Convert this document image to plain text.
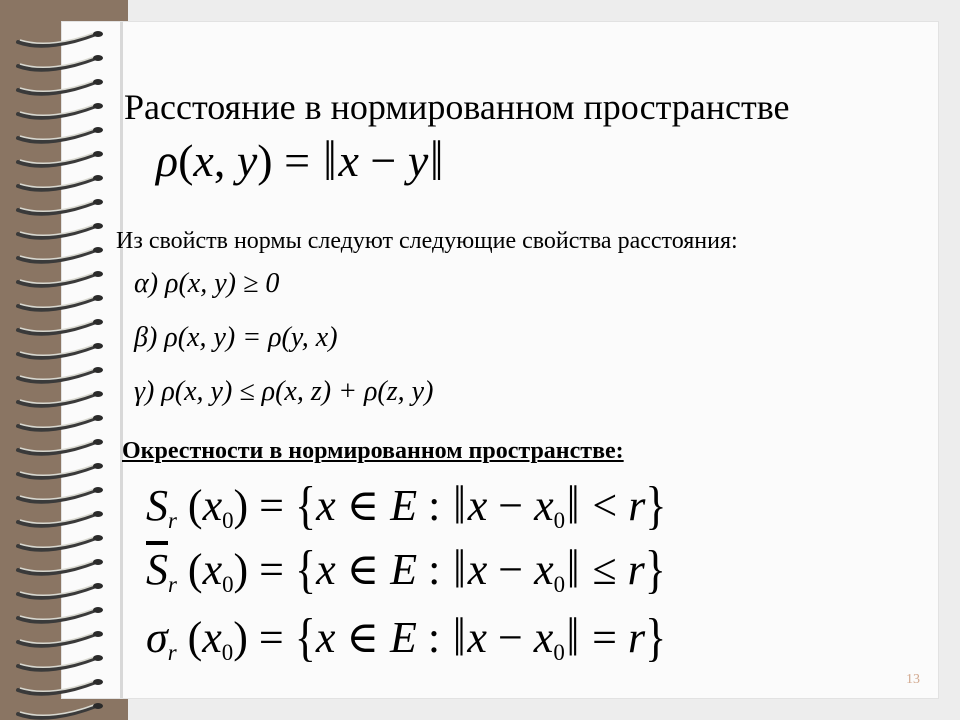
Расстояние в нормированном пространстве
ρ(x, y) = ‖x − y‖
Из свойств нормы следуют следующие свойства расстояния:
α) ρ(x, y) ≥ 0
β) ρ(x, y) = ρ(y, x)
γ) ρ(x, y) ≤ ρ(x, z) + ρ(z, y)
Окрестности в нормированном пространстве:
$S_r$ (x0) = {x ∈ E : ‖x − x0‖ < r}
$\overline{S}_r$ (x0) = {x ∈ E : ‖x − x0‖ ≤ r}
$\sigma_r$ (x0) = {x ∈ E : ‖x − x0‖ = r}
13
